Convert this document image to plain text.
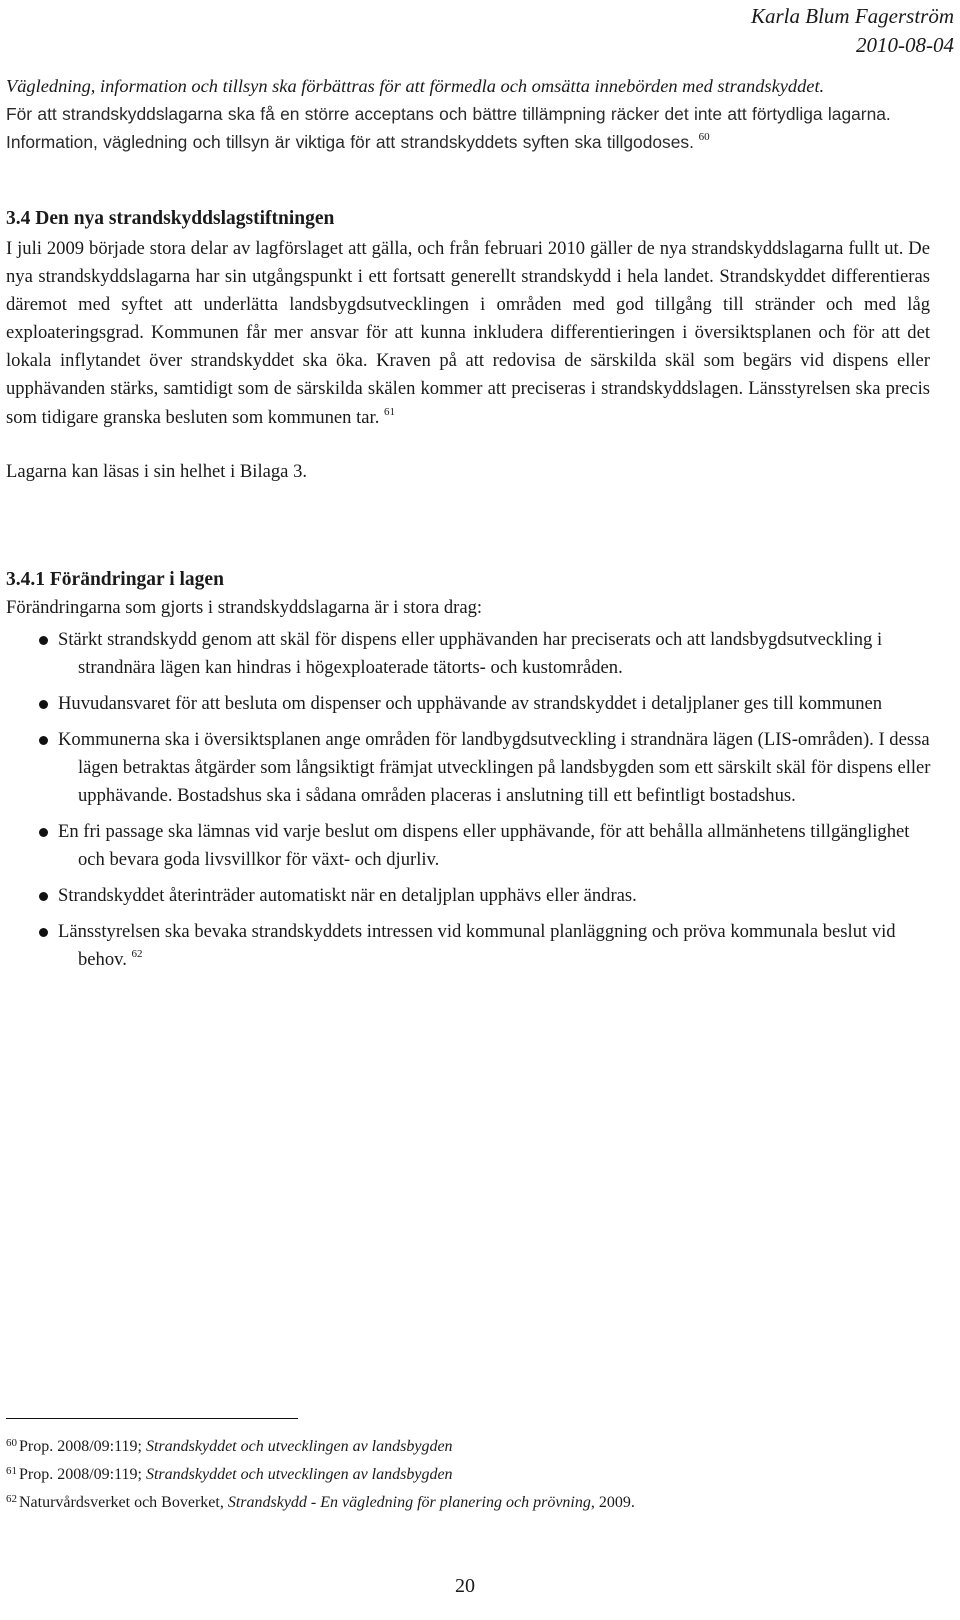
Karla Blum Fagerström
2010-08-04
Vägledning, information och tillsyn ska förbättras för att förmedla och omsätta innebörden med strandskyddet.
För att strandskyddslagarna ska få en större acceptans och bättre tillämpning räcker det inte att förtydliga lagarna. Information, vägledning och tillsyn är viktiga för att strandskyddets syften ska tillgodoses. $^{60}$
3.4 Den nya strandskyddslagstiftningen

I juli 2009 började stora delar av lagförslaget att gälla, och från februari 2010 gäller de nya strandskyddslagarna fullt ut. De nya strandskyddslagarna har sin utgångspunkt i ett fortsatt generellt strandskydd i hela landet. Strandskyddet differentieras däremot med syftet att underlätta landsbygdsutvecklingen i områden med god tillgång till stränder och med låg exploateringsgrad. Kommunen får mer ansvar för att kunna inkludera differentieringen i översiktsplanen och för att det lokala inflytandet över strandskyddet ska öka. Kraven på att redovisa de särskilda skäl som begärs vid dispens eller upphävanden stärks, samtidigt som de särskilda skälen kommer att preciseras i strandskyddslagen. Länsstyrelsen ska precis som tidigare granska besluten som kommunen tar. $^{61}$

Lagarna kan läsas i sin helhet i Bilaga 3.

3.4.1 Förändringar i lagen
Förändringarna som gjorts i strandskyddslagarna är i stora drag:
Stärkt strandskydd genom att skäl för dispens eller upphävanden har preciserats och att landsbygdsutveckling i strandnära lägen kan hindras i högexploaterade tätorts- och kustområden.
Huvudansvaret för att besluta om dispenser och upphävande av strandskyddet i detaljplaner ges till kommunen
Kommunerna ska i översiktsplanen ange områden för landbygdsutveckling i strandnära lägen (LIS-områden). I dessa lägen betraktas åtgärder som långsiktigt främjat utvecklingen på landsbygden som ett särskilt skäl för dispens eller upphävande. Bostadshus ska i sådana områden placeras i anslutning till ett befintligt bostadshus.
En fri passage ska lämnas vid varje beslut om dispens eller upphävande, för att behålla allmänhetens tillgänglighet och bevara goda livsvillkor för växt- och djurliv.
Strandskyddet återinträder automatiskt när en detaljplan upphävs eller ändras.
Länsstyrelsen ska bevaka strandskyddets intressen vid kommunal planläggning och pröva kommunala beslut vid behov. $^{62}$
$^{60}$ Prop. 2008/09:119; Strandskyddet och utvecklingen av landsbygden
$^{61}$ Prop. 2008/09:119; Strandskyddet och utvecklingen av landsbygden
$^{62}$ Naturvårdsverket och Boverket, Strandskydd - En vägledning för planering och prövning, 2009.
20
